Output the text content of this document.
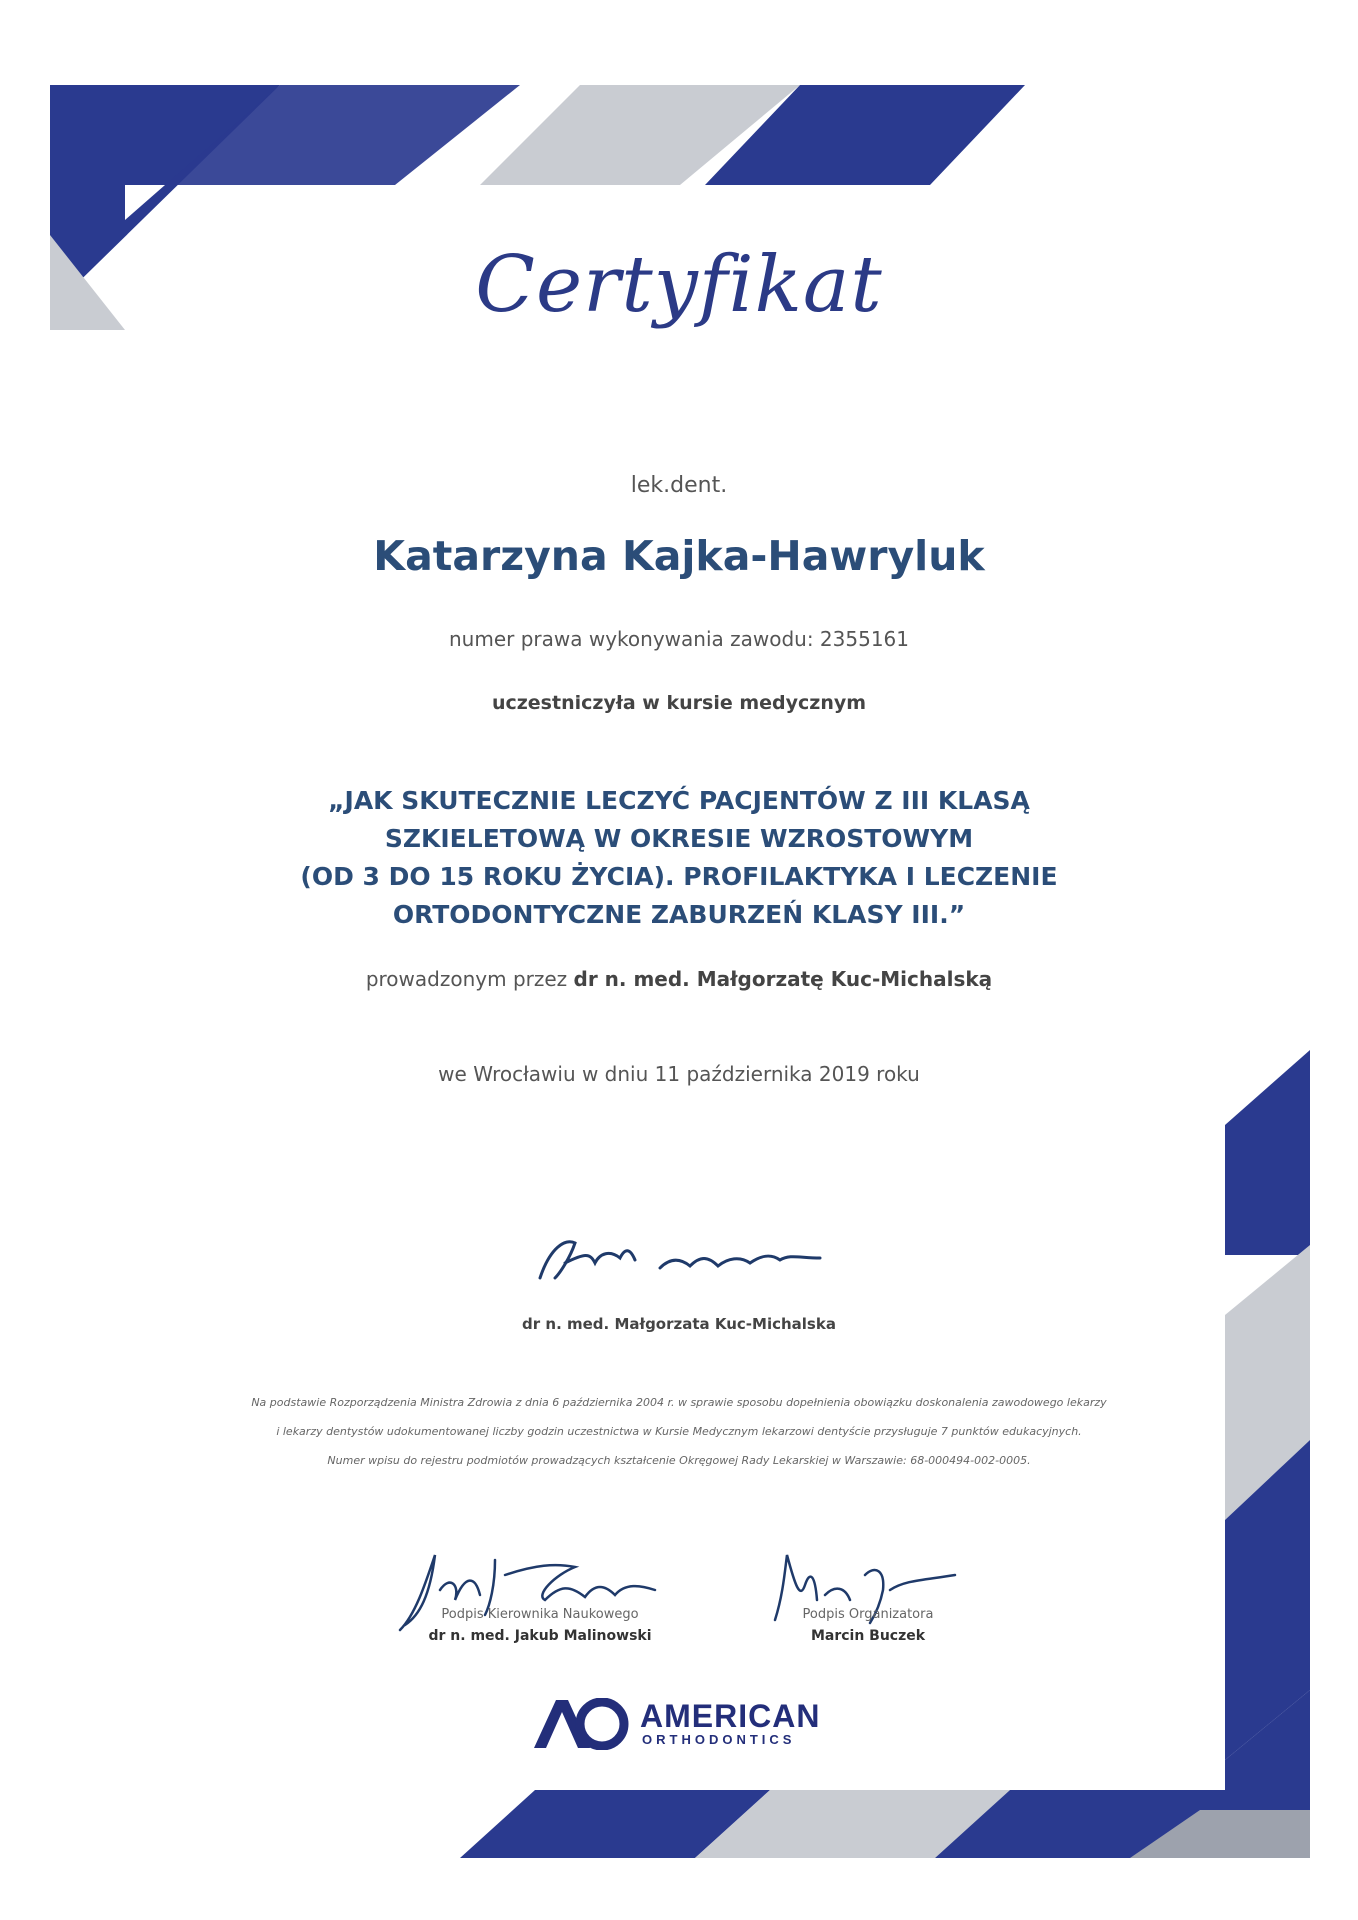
Certyfikat
lek.dent.
Katarzyna Kajka-Hawryluk
numer prawa wykonywania zawodu: 2355161
uczestniczyła w kursie medycznym
„JAK SKUTECZNIE LECZYĆ PACJENTÓW Z III KLASĄ
SZKIELETOWĄ W OKRESIE WZROSTOWYM
(OD 3 DO 15 ROKU ŻYCIA). PROFILAKTYKA I LECZENIE
ORTODONTYCZNE ZABURZEŃ KLASY III.”
prowadzonym przez dr n. med. Małgorzatę Kuc-Michalską
we Wrocławiu w dniu 11 października 2019 roku
dr n. med. Małgorzata Kuc-Michalska
Na podstawie Rozporządzenia Ministra Zdrowia z dnia 6 października 2004 r. w sprawie sposobu dopełnienia obowiązku doskonalenia zawodowego lekarzy
i lekarzy dentystów udokumentowanej liczby godzin uczestnictwa w Kursie Medycznym lekarzowi dentyście przysługuje 7 punktów edukacyjnych.
Numer wpisu do rejestru podmiotów prowadzących kształcenie Okręgowej Rady Lekarskiej w Warszawie: 68-000494-002-0005.
Podpis Kierownika Naukowego
dr n. med. Jakub Malinowski
Podpis Organizatora
Marcin Buczek
AMERICAN
ORTHODONTICS
